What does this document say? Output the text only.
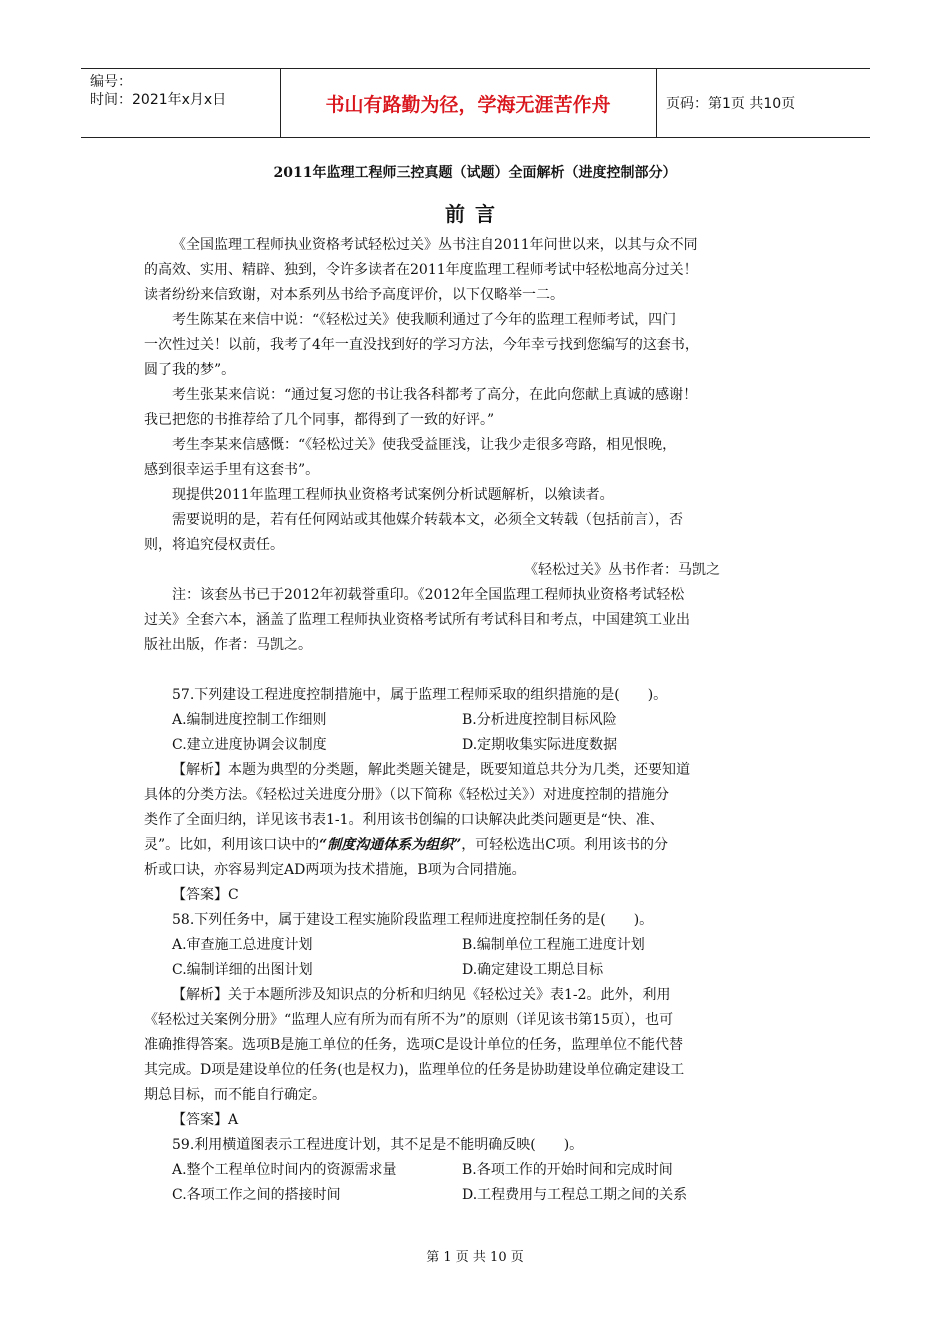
编号：
时间：2021年x月x日	书山有路勤为径，学海无涯苦作舟	页码：第1页 共10页
2011年监理工程师三控真题（试题）全面解析（进度控制部分）
前言
《全国监理工程师执业资格考试轻松过关》丛书注自2011年问世以来，以其与众不同
的高效、实用、精辟、独到，令许多读者在2011年度监理工程师考试中轻松地高分过关！
读者纷纷来信致谢，对本系列丛书给予高度评价，以下仅略举一二。
考生陈某在来信中说：“《轻松过关》使我顺利通过了今年的监理工程师考试，四门
一次性过关！以前，我考了4年一直没找到好的学习方法，今年幸亏找到您编写的这套书，
圆了我的梦”。
考生张某来信说：“通过复习您的书让我各科都考了高分，在此向您献上真诚的感谢！
我已把您的书推荐给了几个同事，都得到了一致的好评。”
考生李某来信感慨：“《轻松过关》使我受益匪浅，让我少走很多弯路，相见恨晚，
感到很幸运手里有这套书”。
现提供2011年监理工程师执业资格考试案例分析试题解析，以飨读者。
需要说明的是，若有任何网站或其他媒介转载本文，必须全文转载（包括前言），否
则，将追究侵权责任。
《轻松过关》丛书作者：马凯之
注：该套丛书已于2012年初载誉重印。《2012年全国监理工程师执业资格考试轻松
过关》全套六本，涵盖了监理工程师执业资格考试所有考试科目和考点，中国建筑工业出
版社出版，作者：马凯之。
57.下列建设工程进度控制措施中，属于监理工程师采取的组织措施的是(　　)。
A.编制进度控制工作细则	B.分析进度控制目标风险
C.建立进度协调会议制度	D.定期收集实际进度数据
【解析】本题为典型的分类题，解此类题关键是，既要知道总共分为几类，还要知道
具体的分类方法。《轻松过关进度分册》（以下简称《轻松过关》）对进度控制的措施分
类作了全面归纳，详见该书表1-1。利用该书创编的口诀解决此类问题更是“快、准、
灵”。比如，利用该口诀中的“制度沟通体系为组织”，可轻松选出C项。利用该书的分
析或口诀，亦容易判定AD两项为技术措施，B项为合同措施。
【答案】C
58.下列任务中，属于建设工程实施阶段监理工程师进度控制任务的是(　　)。
A.审查施工总进度计划	B.编制单位工程施工进度计划
C.编制详细的出图计划	D.确定建设工期总目标
【解析】关于本题所涉及知识点的分析和归纳见《轻松过关》表1-2。此外，利用
《轻松过关案例分册》“监理人应有所为而有所不为”的原则（详见该书第15页），也可
准确推得答案。选项B是施工单位的任务，选项C是设计单位的任务，监理单位不能代替
其完成。D项是建设单位的任务(也是权力)，监理单位的任务是协助建设单位确定建设工
期总目标，而不能自行确定。
【答案】A
59.利用横道图表示工程进度计划，其不足是不能明确反映(　　)。
A.整个工程单位时间内的资源需求量	B.各项工作的开始时间和完成时间
C.各项工作之间的搭接时间	D.工程费用与工程总工期之间的关系
第 1 页 共 10 页
